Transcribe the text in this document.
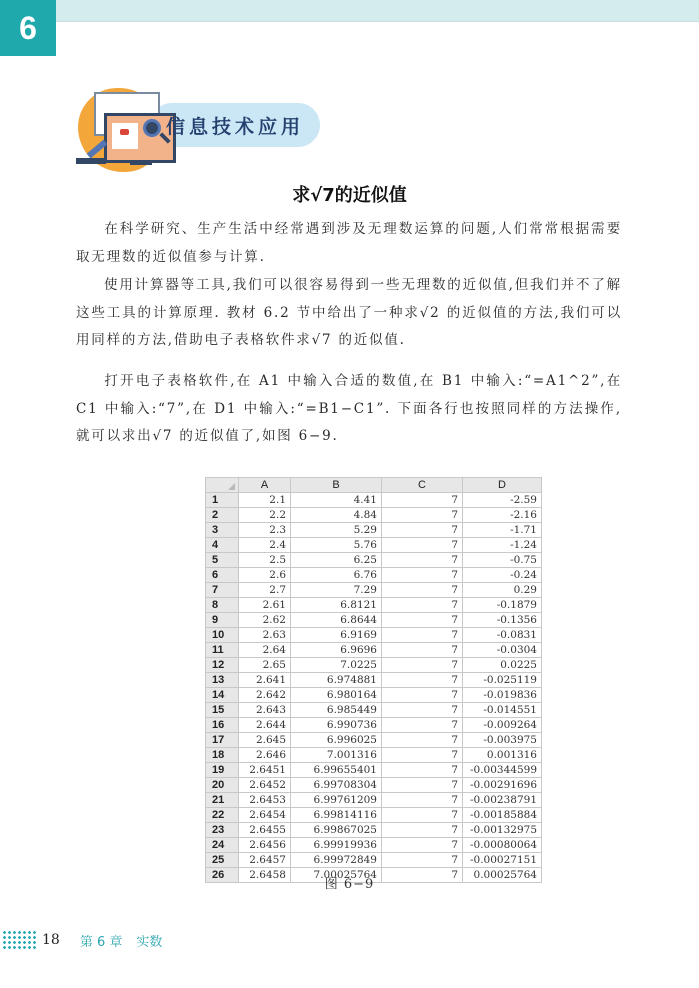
6
信息技术应用
求√7的近似值
在科学研究、生产生活中经常遇到涉及无理数运算的问题,人们常常根据需要取无理数的近似值参与计算.
使用计算器等工具,我们可以很容易得到一些无理数的近似值,但我们并不了解这些工具的计算原理. 教材 6.2 节中给出了一种求√2 的近似值的方法,我们可以用同样的方法,借助电子表格软件求√7 的近似值.
打开电子表格软件,在 A1 中输入合适的数值,在 B1 中输入:“=A1^2”,在 C1 中输入:“7”,在 D1 中输入:“=B1−C1”. 下面各行也按照同样的方法操作,就可以求出√7 的近似值了,如图 6−9.
	A	B	C	D
1	2.1	4.41	7	-2.59
2	2.2	4.84	7	-2.16
3	2.3	5.29	7	-1.71
4	2.4	5.76	7	-1.24
5	2.5	6.25	7	-0.75
6	2.6	6.76	7	-0.24
7	2.7	7.29	7	0.29
8	2.61	6.8121	7	-0.1879
9	2.62	6.8644	7	-0.1356
10	2.63	6.9169	7	-0.0831
11	2.64	6.9696	7	-0.0304
12	2.65	7.0225	7	0.0225
13	2.641	6.974881	7	-0.025119
14	2.642	6.980164	7	-0.019836
15	2.643	6.985449	7	-0.014551
16	2.644	6.990736	7	-0.009264
17	2.645	6.996025	7	-0.003975
18	2.646	7.001316	7	0.001316
19	2.6451	6.99655401	7	-0.00344599
20	2.6452	6.99708304	7	-0.00291696
21	2.6453	6.99761209	7	-0.00238791
22	2.6454	6.99814116	7	-0.00185884
23	2.6455	6.99867025	7	-0.00132975
24	2.6456	6.99919936	7	-0.00080064
25	2.6457	6.99972849	7	-0.00027151
26	2.6458	7.00025764	7	0.00025764
图 6−9
18 第 6 章 实数
